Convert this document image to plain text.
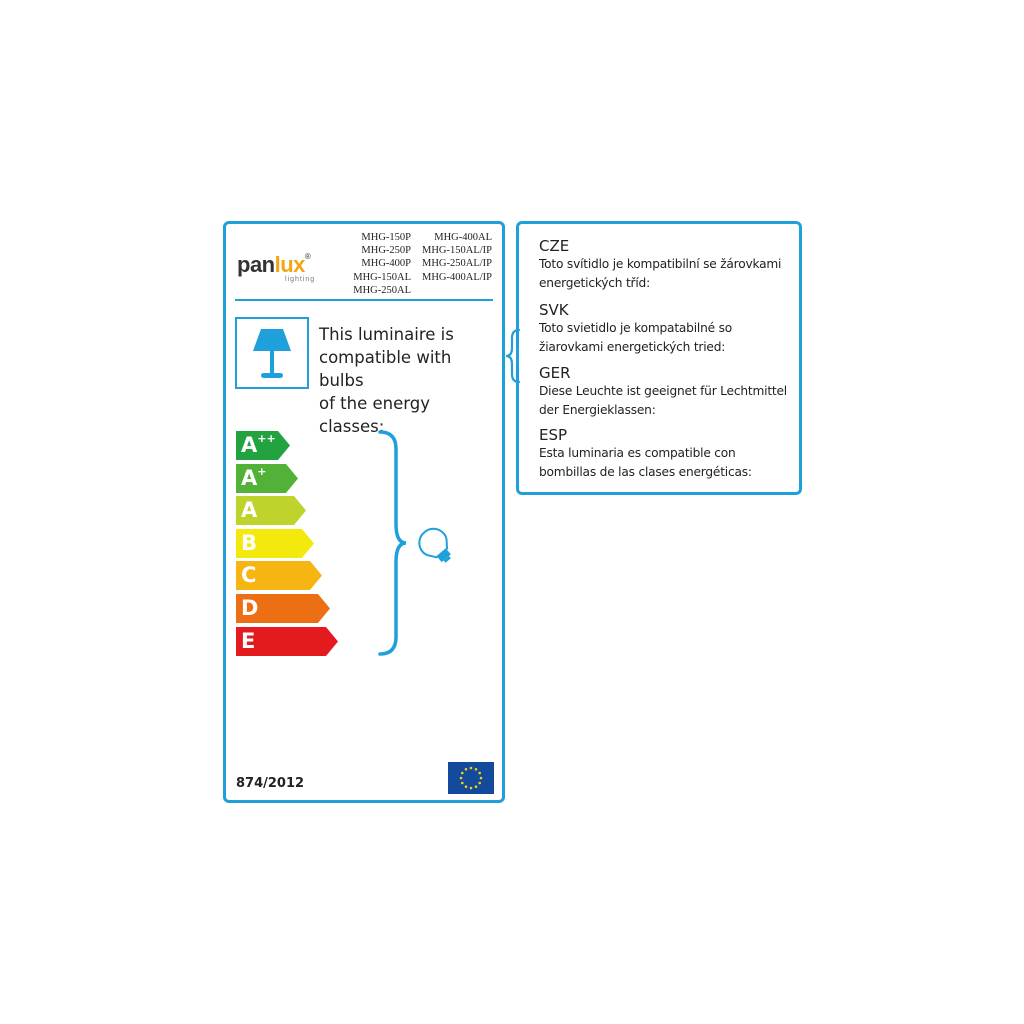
panlux®
lighting
MHG-150P
MHG-250P
MHG-400P
MHG-150AL
MHG-250AL
MHG-400AL
MHG-150AL/IP
MHG-250AL/IP
MHG-400AL/IP
This luminaire is
compatible with bulbs
of the energy classes:
A++
A+
A
B
C
D
E
874/2012
CZE
Toto svítidlo je kompatibilní se žárovkami
energetických tříd:
SVK
Toto svietidlo je kompatabilné so
žiarovkami energetických tried:
GER
Diese Leuchte ist geeignet für Lechtmittel
der Energieklassen:
ESP
Esta luminaria es compatible con
bombillas de las clases energéticas:
